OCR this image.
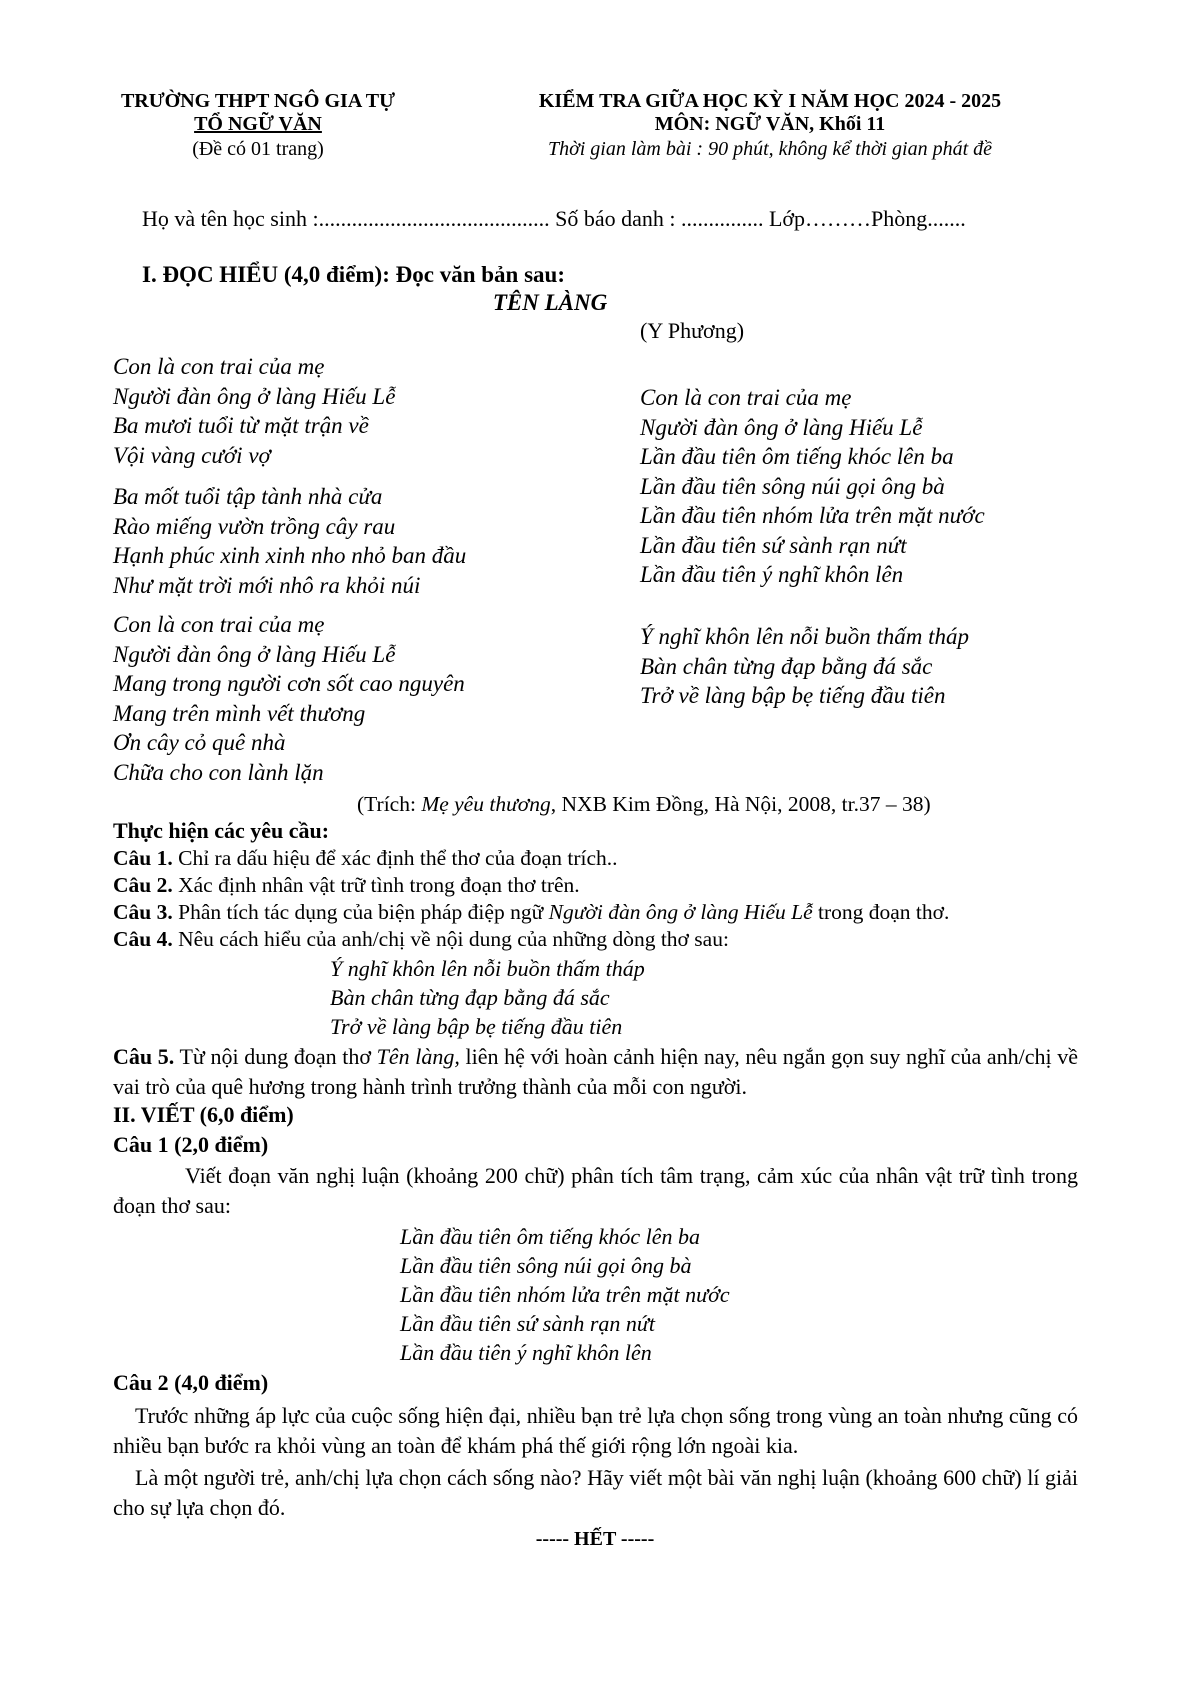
TRƯỜNG THPT NGÔ GIA TỰ
TỔ NGỮ VĂN
(Đề có 01 trang)
KIỂM TRA GIỮA HỌC KỲ I NĂM HỌC 2024 - 2025
MÔN: NGỮ VĂN, Khối 11
Thời gian làm bài : 90 phút, không kể thời gian phát đề
Họ và tên học sinh :.......................................... Số báo danh : ............... Lớp………Phòng.......
I. ĐỌC HIỂU (4,0 điểm): Đọc văn bản sau:
TÊN LÀNG
(Y Phương)
Con là con trai của mẹ
Người đàn ông ở làng Hiếu Lễ
Ba mươi tuổi từ mặt trận về
Vội vàng cưới vợ
Ba mốt tuổi tập tành nhà cửa
Rào miếng vườn trồng cây rau
Hạnh phúc xinh xinh nho nhỏ ban đầu
Như mặt trời mới nhô ra khỏi núi
Con là con trai của mẹ
Người đàn ông ở làng Hiếu Lễ
Mang trong người cơn sốt cao nguyên
Mang trên mình vết thương
Ơn cây cỏ quê nhà
Chữa cho con lành lặn
Con là con trai của mẹ
Người đàn ông ở làng Hiếu Lễ
Lần đầu tiên ôm tiếng khóc lên ba
Lần đầu tiên sông núi gọi ông bà
Lần đầu tiên nhóm lửa trên mặt nước
Lần đầu tiên sứ sành rạn nứt
Lần đầu tiên ý nghĩ khôn lên
Ý nghĩ khôn lên nỗi buồn thấm tháp
Bàn chân từng đạp bằng đá sắc
Trở về làng bập bẹ tiếng đầu tiên
(Trích: Mẹ yêu thương, NXB Kim Đồng, Hà Nội, 2008, tr.37 – 38)
Thực hiện các yêu cầu:
Câu 1. Chỉ ra dấu hiệu để xác định thể thơ của đoạn trích..
Câu 2. Xác định nhân vật trữ tình trong đoạn thơ trên.
Câu 3. Phân tích tác dụng của biện pháp điệp ngữ Người đàn ông ở làng Hiếu Lễ trong đoạn thơ.
Câu 4. Nêu cách hiểu của anh/chị về nội dung của những dòng thơ sau:
Ý nghĩ khôn lên nỗi buồn thấm tháp
Bàn chân từng đạp bằng đá sắc
Trở về làng bập bẹ tiếng đầu tiên
Câu 5. Từ nội dung đoạn thơ Tên làng, liên hệ với hoàn cảnh hiện nay, nêu ngắn gọn suy nghĩ của anh/chị về vai trò của quê hương trong hành trình trưởng thành của mỗi con người.
II. VIẾT (6,0 điểm)
Câu 1 (2,0 điểm)
Viết đoạn văn nghị luận (khoảng 200 chữ) phân tích tâm trạng, cảm xúc của nhân vật trữ tình trong đoạn thơ sau:
Lần đầu tiên ôm tiếng khóc lên ba
Lần đầu tiên sông núi gọi ông bà
Lần đầu tiên nhóm lửa trên mặt nước
Lần đầu tiên sứ sành rạn nứt
Lần đầu tiên ý nghĩ khôn lên
Câu 2 (4,0 điểm)
Trước những áp lực của cuộc sống hiện đại, nhiều bạn trẻ lựa chọn sống trong vùng an toàn nhưng cũng có nhiều bạn bước ra khỏi vùng an toàn để khám phá thế giới rộng lớn ngoài kia.
Là một người trẻ, anh/chị lựa chọn cách sống nào? Hãy viết một bài văn nghị luận (khoảng 600 chữ) lí giải cho sự lựa chọn đó.
----- HẾT -----
